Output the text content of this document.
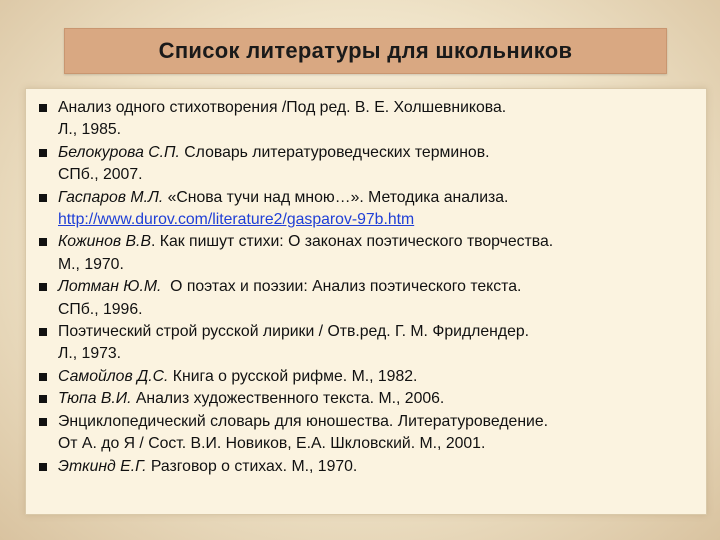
Список литературы для школьников
Анализ одного стихотворения /Под ред. В. Е. Холшевникова.
Л., 1985.
Белокурова С.П. Словарь литературоведческих терминов.
СПб., 2007.
Гаспаров М.Л. «Снова тучи над мною…». Методика анализа.
http://www.durov.com/literature2/gasparov-97b.htm
Кожинов В.В. Как пишут стихи: О законах поэтического творчества.
М., 1970.
Лотман Ю.М.  О поэтах и поэзии: Анализ поэтического текста.
СПб., 1996.
Поэтический строй русской лирики / Отв.ред. Г. М. Фридлендер.
Л., 1973.
Самойлов Д.С. Книга о русской рифме. М., 1982.
Тюпа В.И. Анализ художественного текста. М., 2006.
Энциклопедический словарь для юношества. Литературоведение.
От А. до Я / Сост. В.И. Новиков, Е.А. Шкловский. М., 2001.
Эткинд Е.Г. Разговор о стихах. М., 1970.
